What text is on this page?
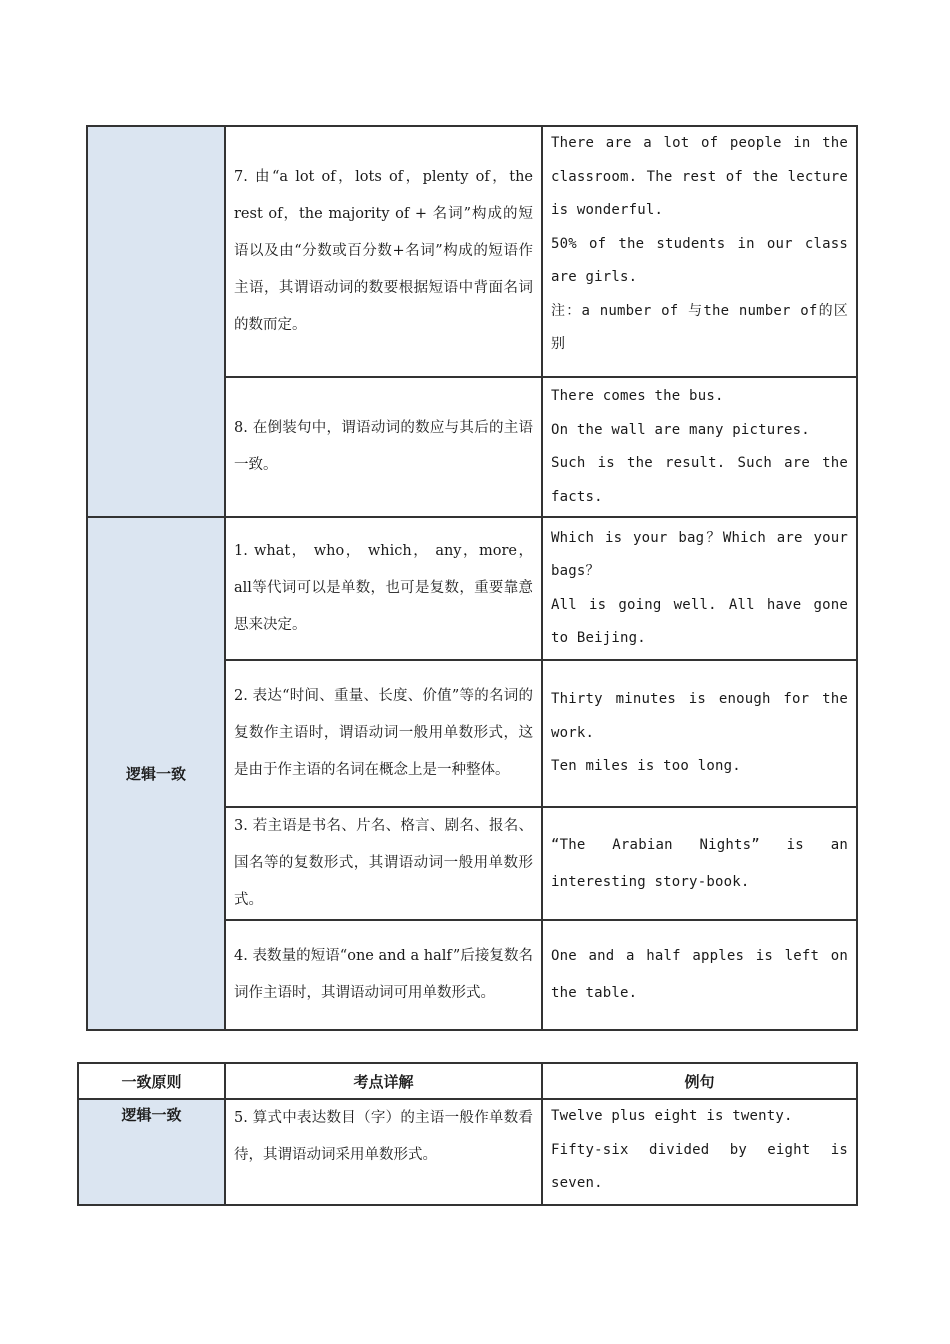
	7. 由“a lot of，lots of，plenty of，the rest of，the majority of + 名词”构成的短语以及由“分数或百分数+名词”构成的短语作主语，其谓语动词的数要根据短语中背面名词的数而定。	There are a lot of people in the classroom. The rest of the lecture is wonderful.

50% of the students in our class are girls.

注：a number of 与the number of的区别

	8. 在倒装句中，谓语动词的数应与其后的主语一致。	There comes the bus.

On the wall are many pictures.

Such is the result. Such are the facts.

逻辑一致	1. what， who， which， any，more， all等代词可以是单数，也可是复数，重要靠意思来决定。	Which is your bag？Which are your bags？

All is going well. All have gone to Beijing.

	2. 表达“时间、重量、长度、价值”等的名词的复数作主语时，谓语动词一般用单数形式，这是由于作主语的名词在概念上是一种整体。	Thirty minutes is enough for the work.

Ten miles is too long.

	3. 若主语是书名、片名、格言、剧名、报名、国名等的复数形式，其谓语动词一般用单数形式。	“The Arabian Nights” is an interesting story-book.

	4. 表数量的短语“one and a half”后接复数名词作主语时，其谓语动词可用单数形式。	One and a half apples is left on the table.

一致原则	考点详解	例句
逻辑一致	5. 算式中表达数目（字）的主语一般作单数看待，其谓语动词采用单数形式。	Twelve plus eight is twenty.

Fifty-six divided by eight is seven.
